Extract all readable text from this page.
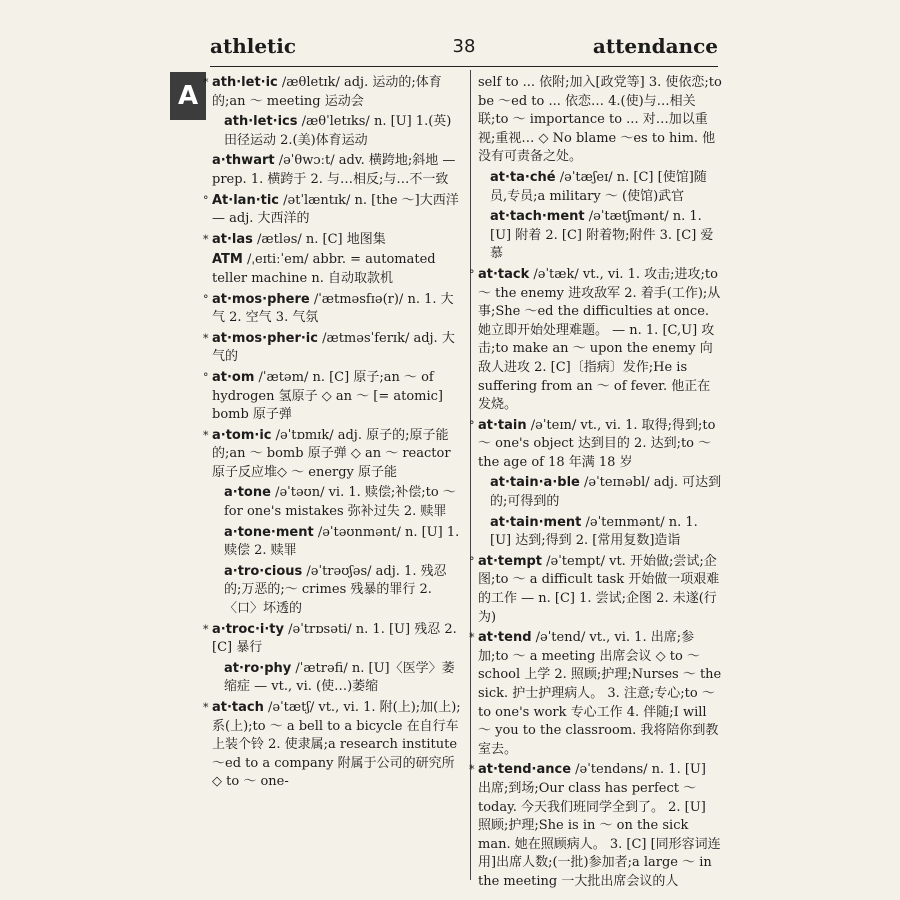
athletic	38	attendance
A * ath·let·ic /æθletɪk/ adj. 运动的;体育的;an ～ meeting 运动会
ath·let·ics /æθˈletɪks/ n. [U] 1.(英)田径运动 2.(美)体育运动
a·thwart /əˈθwɔːt/ adv. 横跨地;斜地 — prep. 1. 横跨于 2. 与…相反;与…不一致
° At·lan·tic /ətˈlæntɪk/ n. [the ～]大西洋 — adj. 大西洋的
* at·las /ætləs/ n. [C] 地图集
ATM /ˌeɪtiːˈem/ abbr. = automated teller machine n. 自动取款机
° at·mos·phere /ˈætməsfɪə(r)/ n. 1. 大气 2. 空气 3. 气氛
* at·mos·pher·ic /ætməsˈferɪk/ adj. 大气的
° at·om /ˈætəm/ n. [C] 原子;an ～ of hydrogen 氢原子 ◇ an ～ [= atomic] bomb 原子弹
* a·tom·ic /əˈtɒmɪk/ adj. 原子的;原子能的;an ～ bomb 原子弹 ◇ an ～ reactor 原子反应堆◇ ～ energy 原子能
a·tone /əˈtəʊn/ vi. 1. 赎偿;补偿;to ～ for one's mistakes 弥补过失 2. 赎罪
a·tone·ment /əˈtəʊnmənt/ n. [U] 1. 赎偿 2. 赎罪
a·tro·cious /əˈtrəʊʃəs/ adj. 1. 残忍的;万恶的;～ crimes 残暴的罪行 2.〈口〉坏透的
* a·troc·i·ty /əˈtrɒsəti/ n. 1. [U] 残忍 2. [C] 暴行
at·ro·phy /ˈætrəfi/ n. [U]〈医学〉萎缩症 — vt., vi. (使…)萎缩
* at·tach /əˈtætʃ/ vt., vi. 1. 附(上);加(上);系(上);to ～ a bell to a bicycle 在自行车上装个铃 2. 使隶属;a research institute ～ed to a company 附属于公司的研究所◇ to ～ one-
self to ... 依附;加入[政党等] 3. 使依恋;to be ～ed to ... 依恋… 4.(使)与…相关联;to ～ importance to ... 对…加以重视;重视… ◇ No blame ～es to him. 他没有可责备之处。
at·ta·ché /əˈtæʃeɪ/ n. [C] [使馆]随员,专员;a military ～ (使馆)武官
at·tach·ment /əˈtætʃmənt/ n. 1. [U] 附着 2. [C] 附着物;附件 3. [C] 爱慕
° at·tack /əˈtæk/ vt., vi. 1. 攻击;进攻;to ～ the enemy 进攻敌军 2. 着手(工作);从事;She ～ed the difficulties at once. 她立即开始处理难题。 — n. 1. [C,U] 攻击;to make an ～ upon the enemy 向敌人进攻 2. [C]〔指病〕发作;He is suffering from an ～ of fever. 他正在发烧。
° at·tain /əˈteɪn/ vt., vi. 1. 取得;得到;to ～ one's object 达到目的 2. 达到;to ～ the age of 18 年满 18 岁
at·tain·a·ble /əˈteɪnəbl/ adj. 可达到的;可得到的
at·tain·ment /əˈteɪnmənt/ n. 1. [U] 达到;得到 2. [常用复数]造诣
° at·tempt /əˈtempt/ vt. 开始做;尝试;企图;to ～ a difficult task 开始做一项艰难的工作 — n. [C] 1. 尝试;企图 2. 未遂(行为)
* at·tend /əˈtend/ vt., vi. 1. 出席;参加;to ～ a meeting 出席会议 ◇ to ～ school 上学 2. 照顾;护理;Nurses ～ the sick. 护士护理病人。 3. 注意;专心;to ～ to one's work 专心工作 4. 伴随;I will ～ you to the classroom. 我将陪你到教室去。
* at·tend·ance /əˈtendəns/ n. 1. [U] 出席;到场;Our class has perfect ～ today. 今天我们班同学全到了。 2. [U] 照顾;护理;She is in ～ on the sick man. 她在照顾病人。 3. [C] [同形容词连用]出席人数;(一批)参加者;a large ～ in the meeting 一大批出席会议的人
